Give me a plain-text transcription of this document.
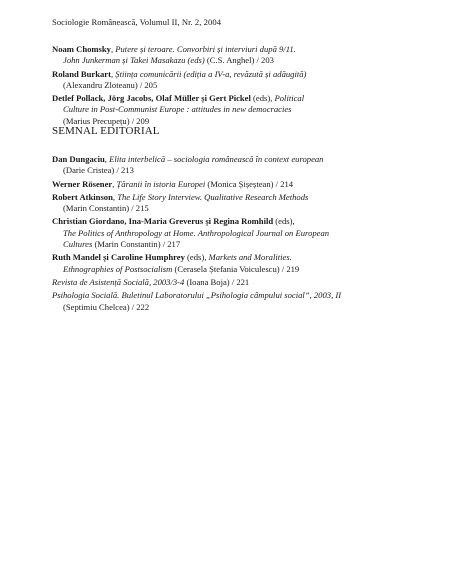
Sociologie Românească, Volumul II, Nr. 2, 2004
Noam Chomsky, Putere și teroare. Convorbiri și interviuri după 9/11.
John Junkerman și Takei Masakazu (eds) (C.S. Anghel) / 203
Roland Burkart, Știința comunicării (ediția a IV-a, revăzută și adăugită)
(Alexandru Zloteanu) / 205
Detlef Pollack, Jörg Jacobs, Olaf Müller și Gert Pickel (eds), Political
Culture in Post-Communist Europe : attitudes in new democracies
(Marius Precupețu) / 209
SEMNAL EDITORIAL
Dan Dungaciu, Elita interbelică – sociologia românească în context european
(Darie Cristea) / 213
Werner Rösener, Țăranii în istoria Europei (Monica Șișeștean) / 214
Robert Atkinson, The Life Story Interview. Qualitative Research Methods
(Marin Constantin) / 215
Christian Giordano, Ina-Maria Greverus și Regina Romhild (eds),
The Politics of Anthropology at Home. Anthropological Journal on European
Cultures (Marin Constantin) / 217
Ruth Mandel și Caroline Humphrey (eds), Markets and Moralities.
Ethnographies of Postsocialism (Cerasela Ștefania Voiculescu) / 219
Revista de Asistență Socială, 2003/3-4 (Ioana Boja) / 221
Psihologia Socială. Buletinul Laboratorului „Psihologia câmpului social”, 2003, II
(Septimiu Chelcea) / 222
